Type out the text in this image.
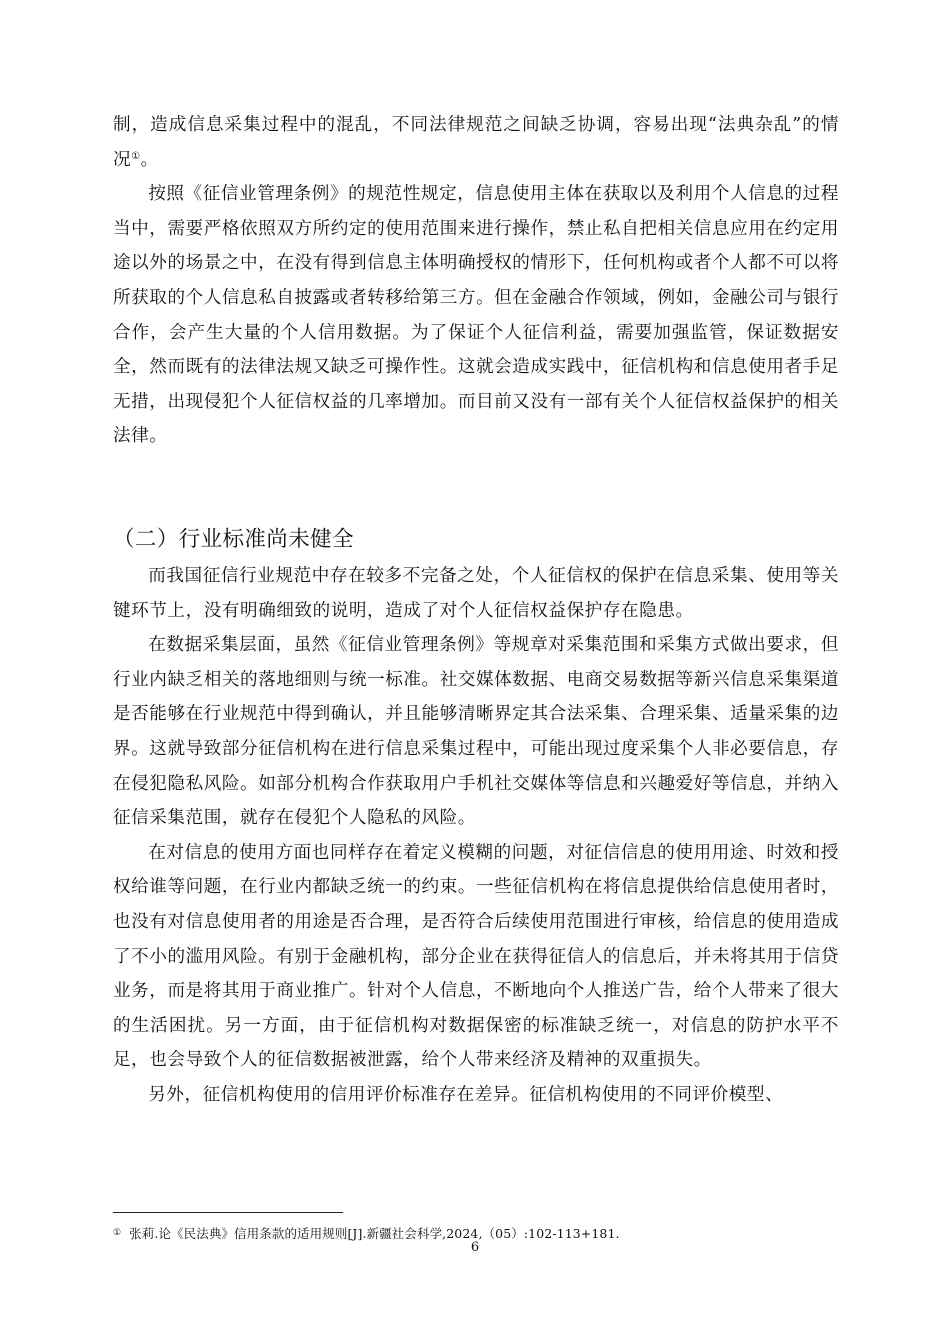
制，造成信息采集过程中的混乱，不同法律规范之间缺乏协调，容易出现“法典杂乱”的情况①。

按照《征信业管理条例》的规范性规定，信息使用主体在获取以及利用个人信息的过程当中，需要严格依照双方所约定的使用范围来进行操作，禁止私自把相关信息应用在约定用途以外的场景之中，在没有得到信息主体明确授权的情形下，任何机构或者个人都不可以将所获取的个人信息私自披露或者转移给第三方。但在金融合作领域，例如，金融公司与银行合作，会产生大量的个人信用数据。为了保证个人征信利益，需要加强监管，保证数据安全，然而既有的法律法规又缺乏可操作性。这就会造成实践中，征信机构和信息使用者手足无措，出现侵犯个人征信权益的几率增加。而目前又没有一部有关个人征信权益保护的相关法律。

（二）行业标准尚未健全

而我国征信行业规范中存在较多不完备之处，个人征信权的保护在信息采集、使用等关键环节上，没有明确细致的说明，造成了对个人征信权益保护存在隐患。

在数据采集层面，虽然《征信业管理条例》等规章对采集范围和采集方式做出要求，但行业内缺乏相关的落地细则与统一标准。社交媒体数据、电商交易数据等新兴信息采集渠道是否能够在行业规范中得到确认，并且能够清晰界定其合法采集、合理采集、适量采集的边界。这就导致部分征信机构在进行信息采集过程中，可能出现过度采集个人非必要信息，存在侵犯隐私风险。如部分机构合作获取用户手机社交媒体等信息和兴趣爱好等信息，并纳入征信采集范围，就存在侵犯个人隐私的风险。

在对信息的使用方面也同样存在着定义模糊的问题，对征信信息的使用用途、时效和授权给谁等问题，在行业内都缺乏统一的约束。一些征信机构在将信息提供给信息使用者时，也没有对信息使用者的用途是否合理，是否符合后续使用范围进行审核，给信息的使用造成了不小的滥用风险。有别于金融机构，部分企业在获得征信人的信息后，并未将其用于信贷业务，而是将其用于商业推广。针对个人信息，不断地向个人推送广告，给个人带来了很大的生活困扰。另一方面，由于征信机构对数据保密的标准缺乏统一，对信息的防护水平不足，也会导致个人的征信数据被泄露，给个人带来经济及精神的双重损失。

另外，征信机构使用的信用评价标准存在差异。征信机构使用的不同评价模型、

① 张莉.论《民法典》信用条款的适用规则[J].新疆社会科学,2024,（05）:102-113+181.
6
